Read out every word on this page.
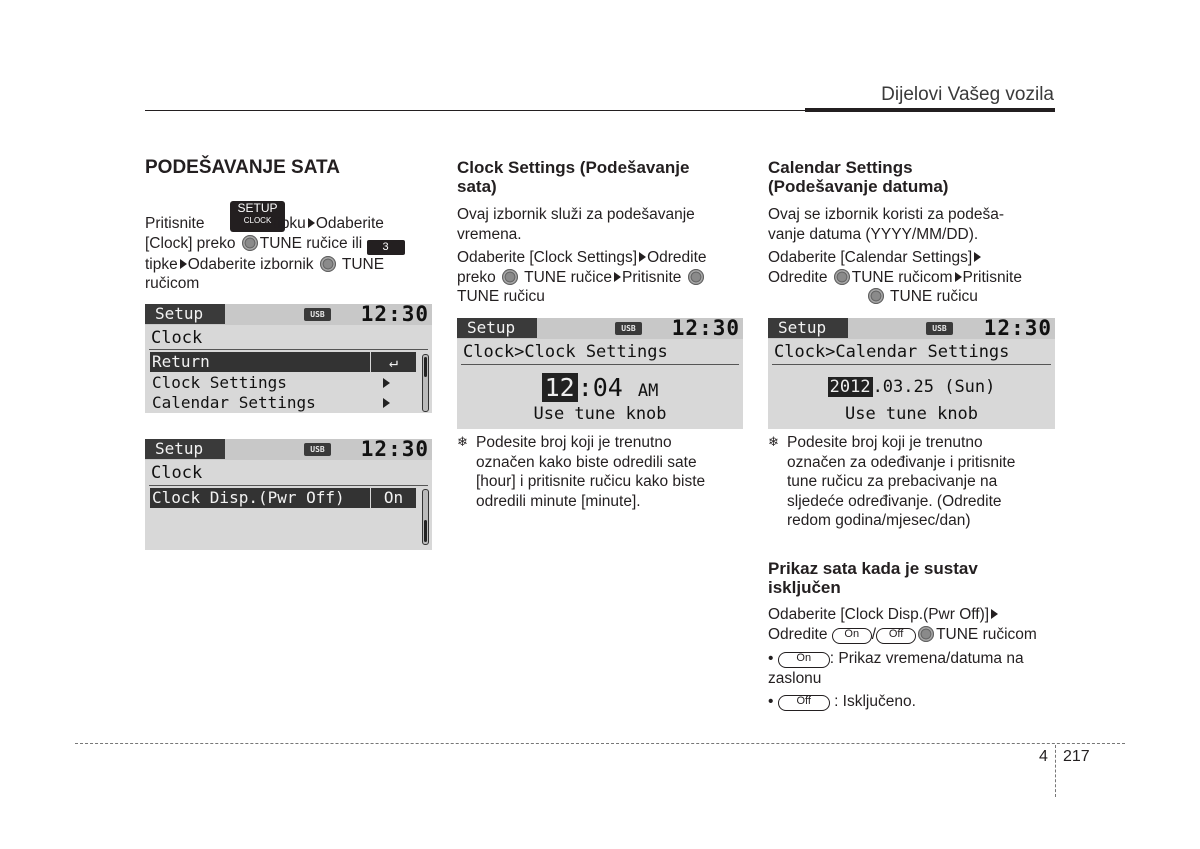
Dijelovi Vašeg vozila
PODEŠAVANJE SATA
SETUP
CLOCK
Pritisnite	tipku Odaberite
[Clock] preko TUNE ručice ili 3
tipke Odaberite izbornik TUNE
ručicom
Setup	USB 12:30
Clock
Return	↵
Clock Settings
Calendar Settings
Setup	USB 12:30
Clock
Clock Disp.(Pwr Off)	On
Clock Settings (Podešavanje
sata)
Ovaj izbornik služi za podešavanje
vremena.
Odaberite [Clock Settings] Odredite
preko TUNE ručice Pritisnite
TUNE ručicu
Setup	USB 12:30
Clock>Clock Settings
12 :04 AM
Use tune knob
❄ Podesite broj koji je trenutno
označen kako biste odredili sate
[hour] i pritisnite ručicu kako biste
odredili minute [minute].
Calendar Settings
(Podešavanje datuma)
Ovaj se izbornik koristi za podeša-
vanje datuma (YYYY/MM/DD).
Odaberite [Calendar Settings]
Odredite TUNE ručicom Pritisnite
TUNE ručicu
Setup	USB 12:30
Clock>Calendar Settings
2012 .03.25 (Sun)
Use tune knob
❄ Podesite broj koji je trenutno
označen za odeđivanje i pritisnite
tune ručicu za prebacivanje na
sljedeće određivanje. (Odredite
redom godina/mjesec/dan)
Prikaz sata kada je sustav
isključen
Odaberite [Clock Disp.(Pwr Off)]
Odredite On / Off TUNE ručicom
• On : Prikaz vremena/datuma na
zaslonu
• Off : Isključeno.
4 217
